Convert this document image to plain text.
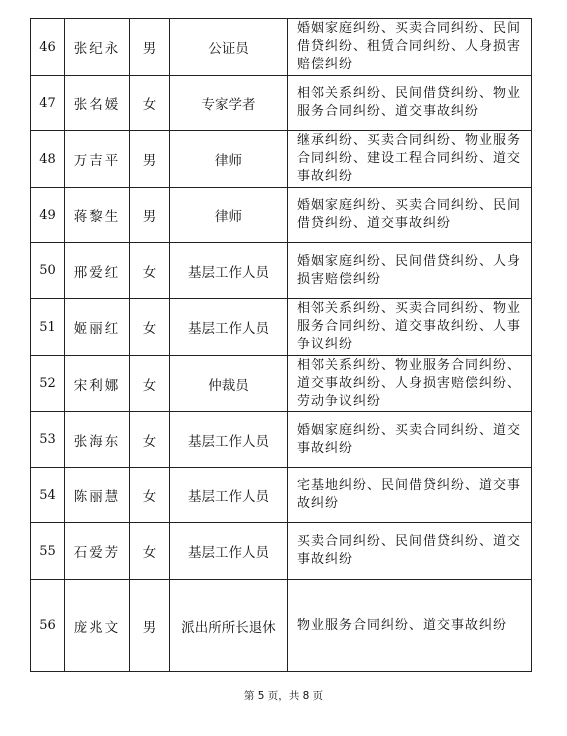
46	张纪永	男	公证员	婚姻家庭纠纷、买卖合同纠纷、民间借贷纠纷、租赁合同纠纷、人身损害赔偿纠纷
47	张名媛	女	专家学者	相邻关系纠纷、民间借贷纠纷、物业服务合同纠纷、道交事故纠纷
48	万吉平	男	律师	继承纠纷、买卖合同纠纷、物业服务合同纠纷、建设工程合同纠纷、道交事故纠纷
49	蒋黎生	男	律师	婚姻家庭纠纷、买卖合同纠纷、民间借贷纠纷、道交事故纠纷
50	邢爱红	女	基层工作人员	婚姻家庭纠纷、民间借贷纠纷、人身损害赔偿纠纷
51	姬丽红	女	基层工作人员	相邻关系纠纷、买卖合同纠纷、物业服务合同纠纷、道交事故纠纷、人事争议纠纷
52	宋利娜	女	仲裁员	相邻关系纠纷、物业服务合同纠纷、道交事故纠纷、人身损害赔偿纠纷、劳动争议纠纷
53	张海东	女	基层工作人员	婚姻家庭纠纷、买卖合同纠纷、道交事故纠纷
54	陈丽慧	女	基层工作人员	宅基地纠纷、民间借贷纠纷、道交事故纠纷
55	石爱芳	女	基层工作人员	买卖合同纠纷、民间借贷纠纷、道交事故纠纷
56	庞兆文	男	派出所所长退休	物业服务合同纠纷、道交事故纠纷
第 5 页，共 8 页
